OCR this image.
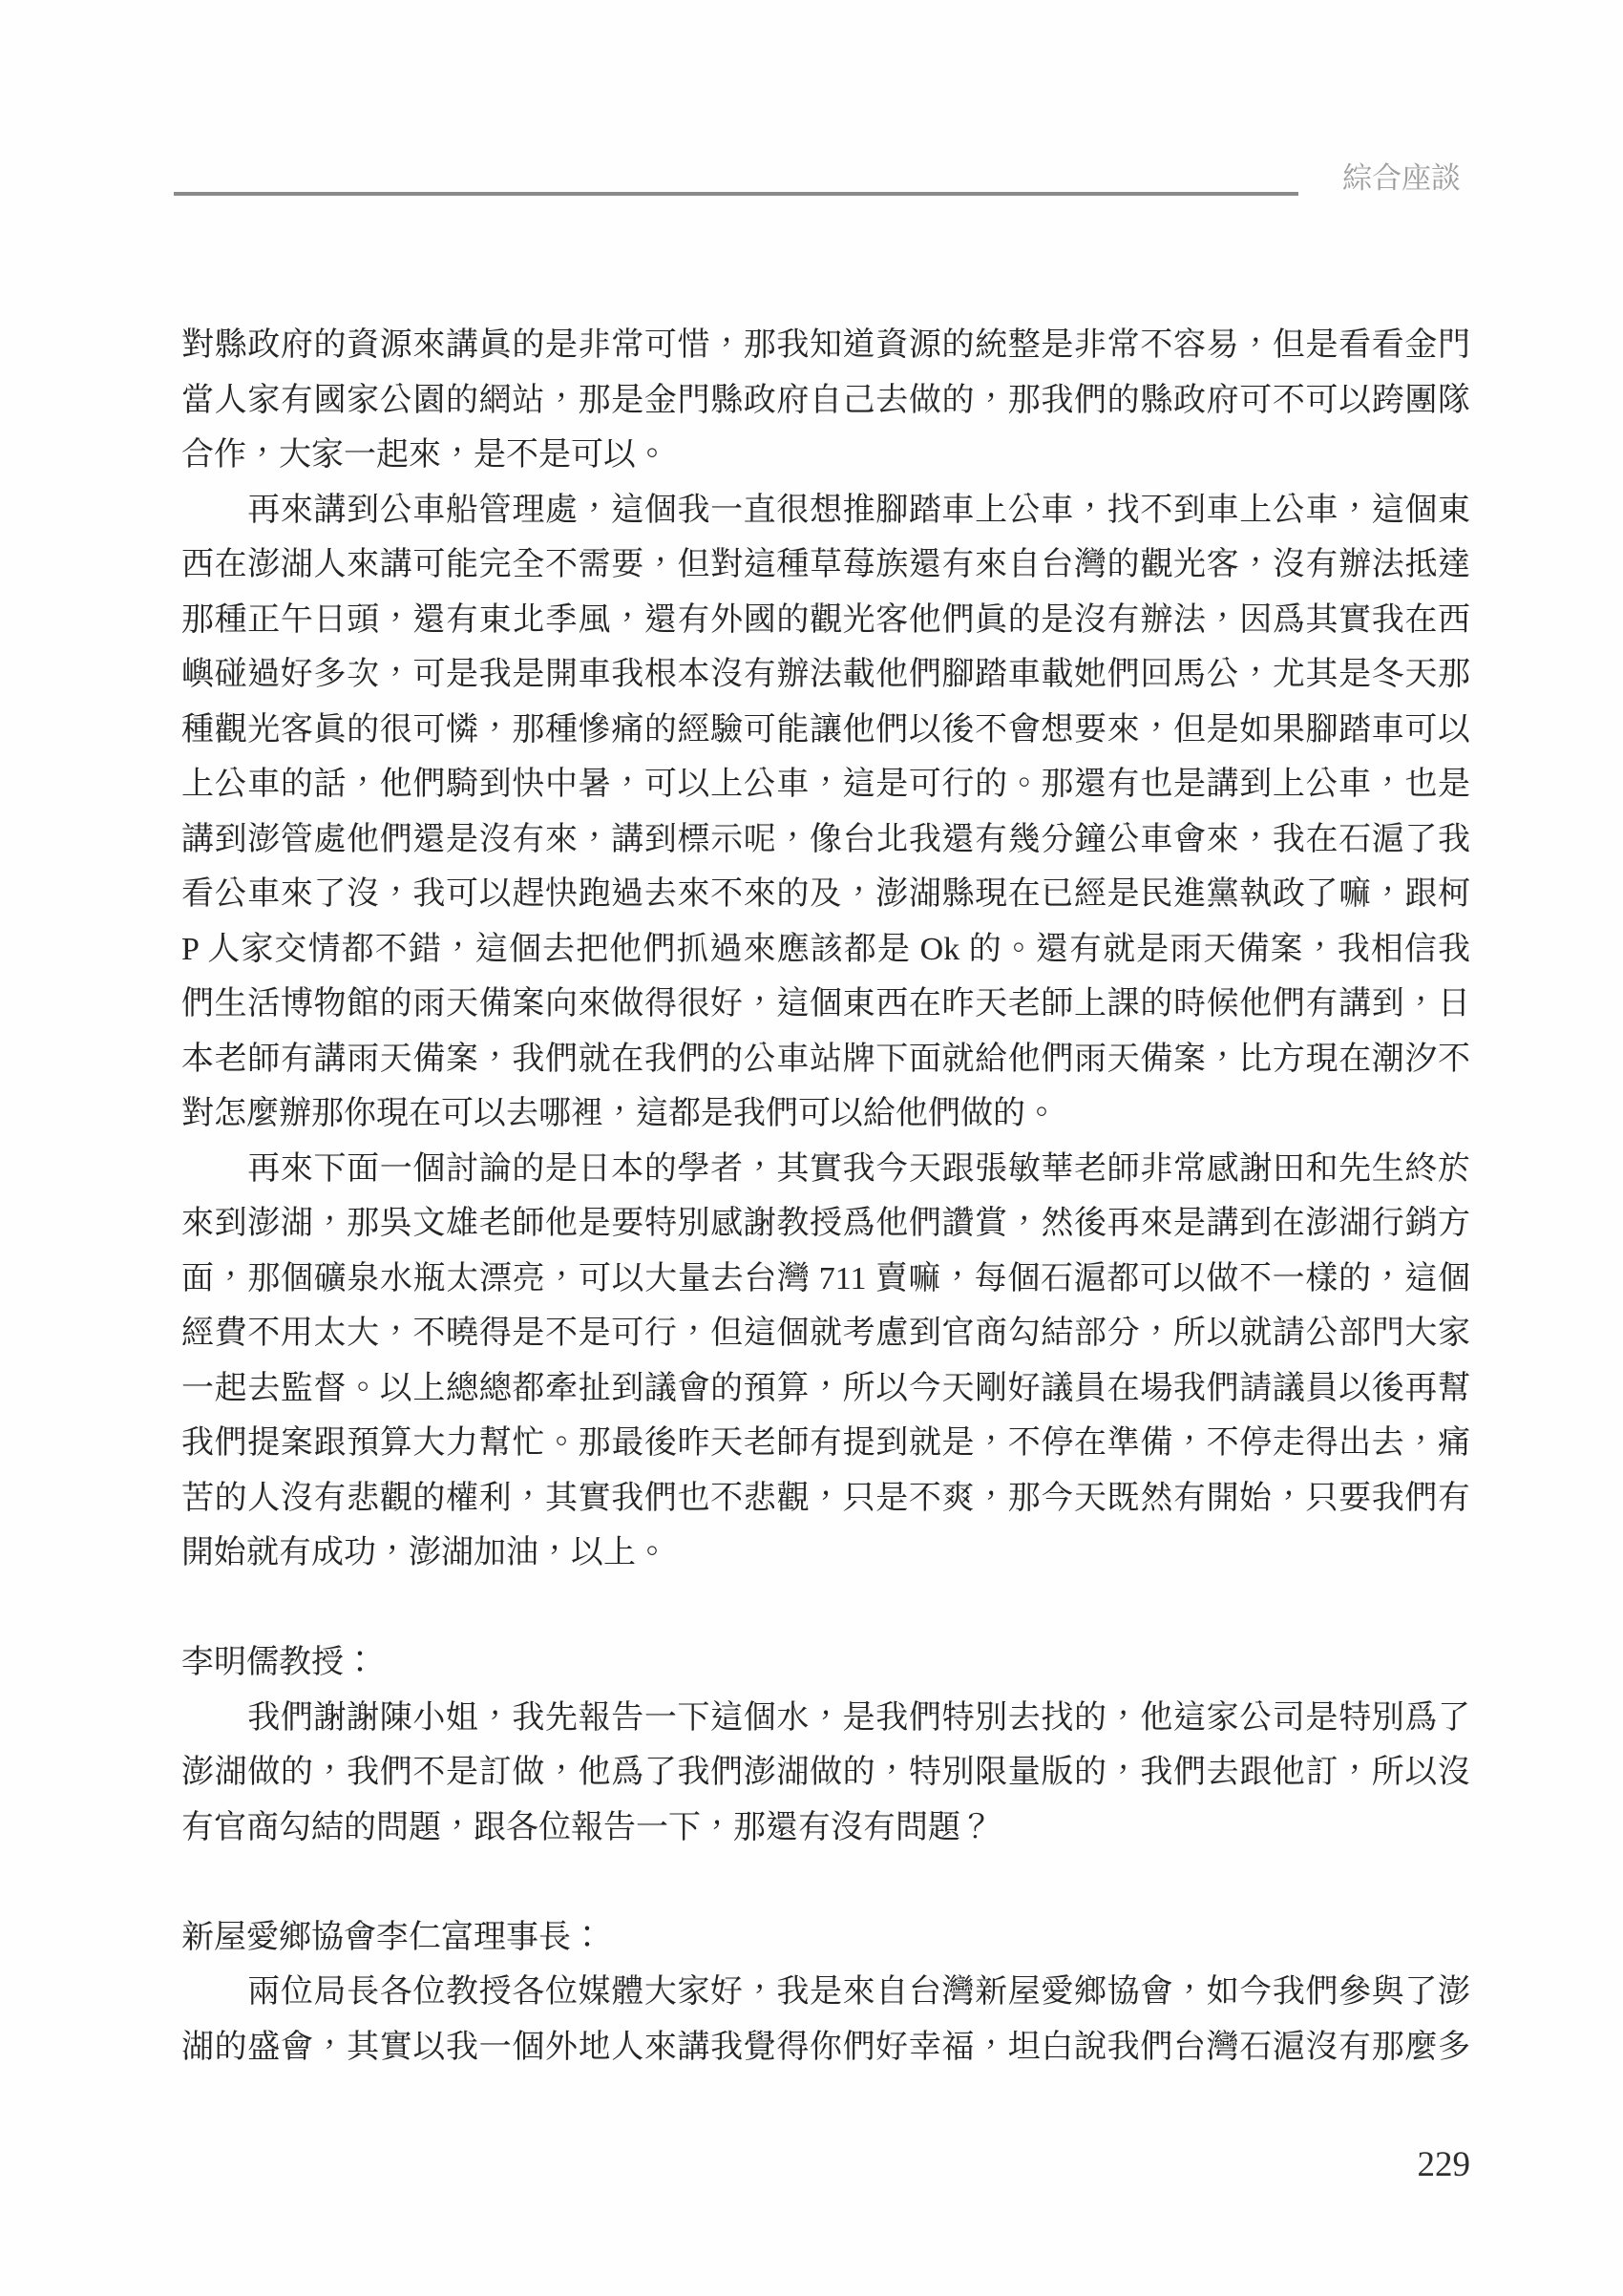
綜合座談
對縣政府的資源來講眞的是非常可惜，那我知道資源的統整是非常不容易，但是看看金門
當人家有國家公園的網站，那是金門縣政府自己去做的，那我們的縣政府可不可以跨團隊
合作，大家一起來，是不是可以。
　　再來講到公車船管理處，這個我一直很想推腳踏車上公車，找不到車上公車，這個東
西在澎湖人來講可能完全不需要，但對這種草莓族還有來自台灣的觀光客，沒有辦法抵達
那種正午日頭，還有東北季風，還有外國的觀光客他們眞的是沒有辦法，因爲其實我在西
嶼碰過好多次，可是我是開車我根本沒有辦法載他們腳踏車載她們回馬公，尤其是冬天那
種觀光客眞的很可憐，那種慘痛的經驗可能讓他們以後不會想要來，但是如果腳踏車可以
上公車的話，他們騎到快中暑，可以上公車，這是可行的。那還有也是講到上公車，也是
講到澎管處他們還是沒有來，講到標示呢，像台北我還有幾分鐘公車會來，我在石滬了我
看公車來了沒，我可以趕快跑過去來不來的及，澎湖縣現在已經是民進黨執政了嘛，跟柯
P 人家交情都不錯，這個去把他們抓過來應該都是 Ok 的。還有就是雨天備案，我相信我
們生活博物館的雨天備案向來做得很好，這個東西在昨天老師上課的時候他們有講到，日
本老師有講雨天備案，我們就在我們的公車站牌下面就給他們雨天備案，比方現在潮汐不
對怎麼辦那你現在可以去哪裡，這都是我們可以給他們做的。
　　再來下面一個討論的是日本的學者，其實我今天跟張敏華老師非常感謝田和先生終於
來到澎湖，那吳文雄老師他是要特別感謝教授爲他們讚賞，然後再來是講到在澎湖行銷方
面，那個礦泉水瓶太漂亮，可以大量去台灣 711 賣嘛，每個石滬都可以做不一樣的，這個
經費不用太大，不曉得是不是可行，但這個就考慮到官商勾結部分，所以就請公部門大家
一起去監督。以上總總都牽扯到議會的預算，所以今天剛好議員在場我們請議員以後再幫
我們提案跟預算大力幫忙。那最後昨天老師有提到就是，不停在準備，不停走得出去，痛
苦的人沒有悲觀的權利，其實我們也不悲觀，只是不爽，那今天既然有開始，只要我們有
開始就有成功，澎湖加油，以上。
李明儒教授：
　　我們謝謝陳小姐，我先報告一下這個水，是我們特別去找的，他這家公司是特別爲了
澎湖做的，我們不是訂做，他爲了我們澎湖做的，特別限量版的，我們去跟他訂，所以沒
有官商勾結的問題，跟各位報告一下，那還有沒有問題？
新屋愛鄉協會李仁富理事長：
　　兩位局長各位教授各位媒體大家好，我是來自台灣新屋愛鄉協會，如今我們參與了澎
湖的盛會，其實以我一個外地人來講我覺得你們好幸福，坦白說我們台灣石滬沒有那麼多
229
